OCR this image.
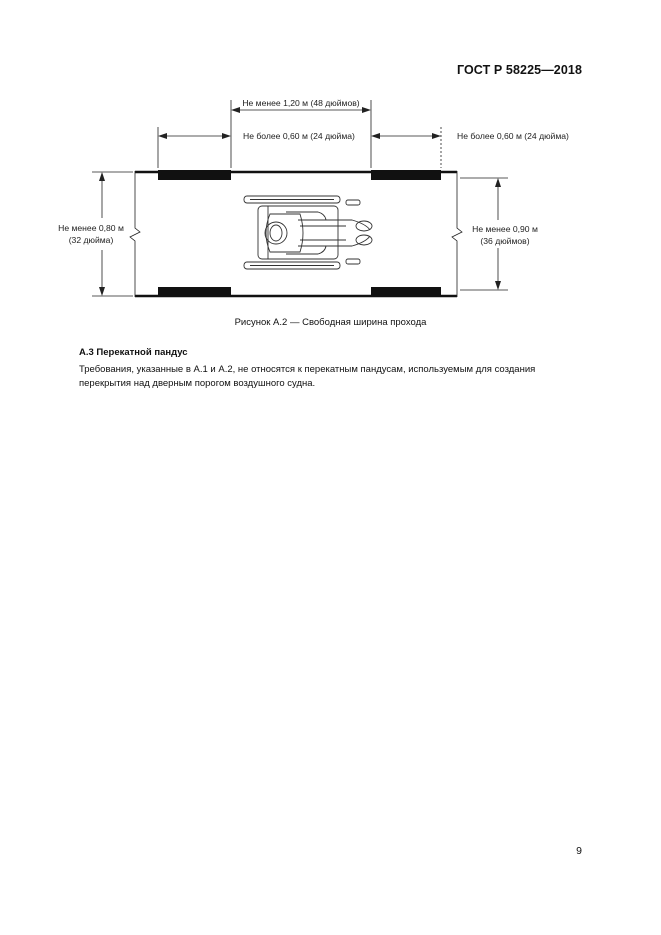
ГОСТ Р 58225—2018
Не менее 1,20 м (48 дюймов)
Не более 0,60 м (24 дюйма)	Не более 0,60 м (24 дюйма)
Не менее 0,80 м
(32 дюйма)
Не менее 0,90 м
(36 дюймов)
Рисунок А.2 — Свободная ширина прохода
А.3 Перекатной пандус
Требования, указанные в А.1 и А.2, не относятся к перекатным пандусам, используемым для создания перекрытия над дверным порогом воздушного судна.
9
